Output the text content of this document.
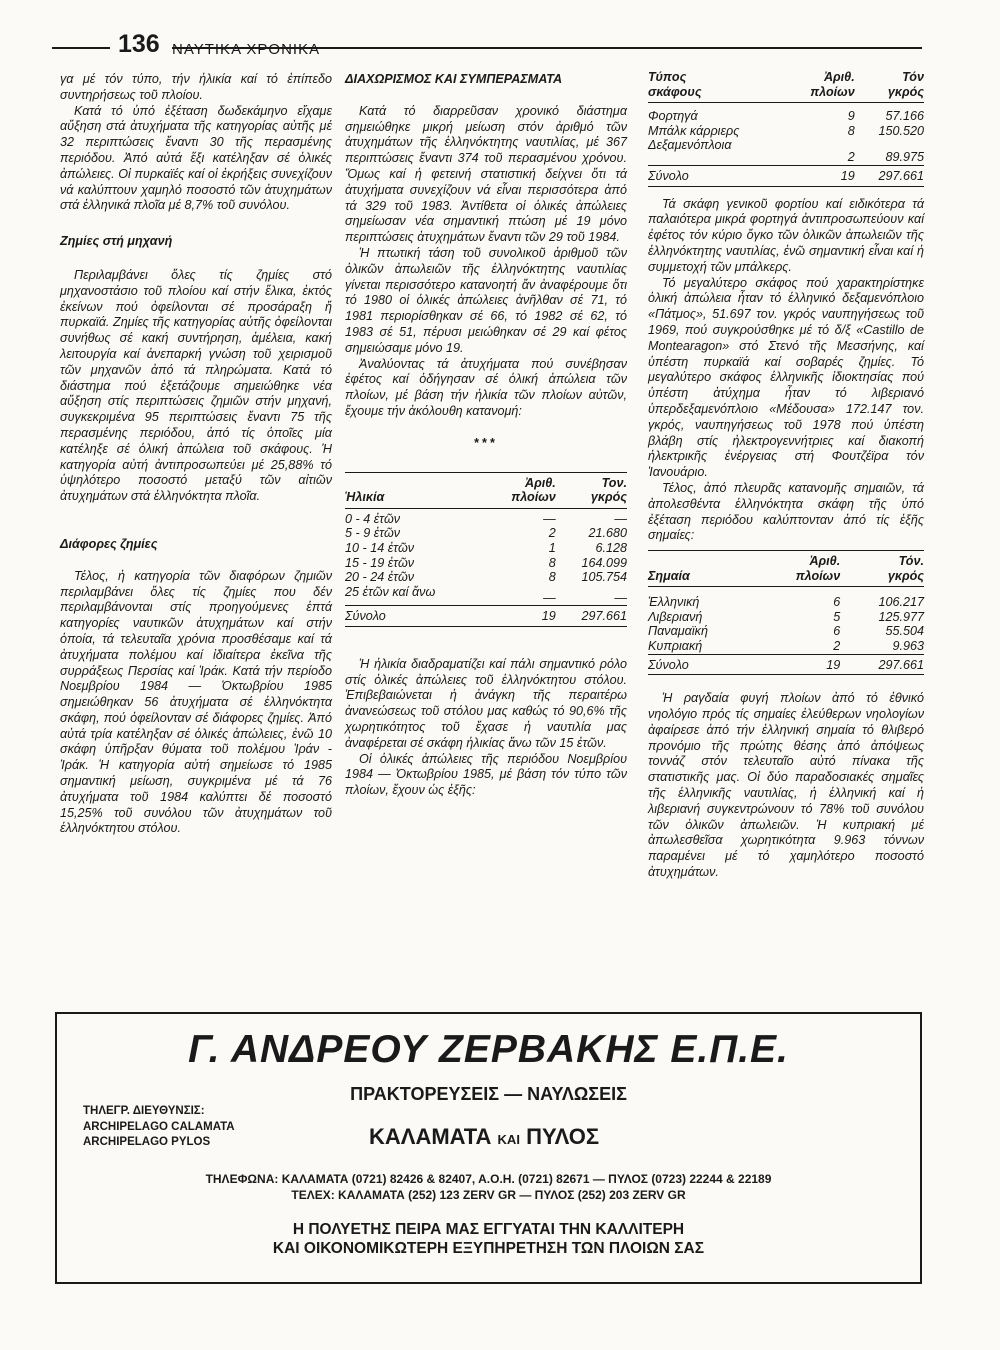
136 ΝΑΥΤΙΚΑ ΧΡΟΝΙΚΑ

γα μέ τόν τύπο, τήν ἡλικία καί τό ἐπίπεδο συντηρήσεως τοῦ πλοίου.

Κατά τό ὑπό ἐξέταση δωδεκάμηνο εἴχαμε αὔξηση στά ἀτυχήματα τῆς κατηγορίας αὐτῆς μέ 32 περιπτώσεις ἔναντι 30 τῆς περασμένης περιόδου. Ἀπό αὐτά ἕξι κατέληξαν σέ ὁλικές ἀπώλειες. Οἱ πυρκαϊές καί οἱ ἐκρήξεις συνεχίζουν νά καλύπτουν χαμηλό ποσοστό τῶν ἀτυχημάτων στά ἑλληνικά πλοῖα μέ 8,7% τοῦ συνόλου.

Ζημίες στή μηχανή

Περιλαμβάνει ὅλες τίς ζημίες στό μηχανοστάσιο τοῦ πλοίου καί στήν ἕλικα, ἐκτός ἐκείνων πού ὀφείλονται σέ προσάραξη ἤ πυρκαϊά. Ζημίες τῆς κατηγορίας αὐτῆς ὀφείλονται συνήθως σέ κακή συντήρηση, ἀμέλεια, κακή λειτουργία καί ἀνεπαρκή γνώση τοῦ χειρισμοῦ τῶν μηχανῶν ἀπό τά πληρώματα. Κατά τό διάστημα πού ἐξετάζουμε σημειώθηκε νέα αὔξηση στίς περιπτώσεις ζημιῶν στήν μηχανή, συγκεκριμένα 95 περιπτώσεις ἔναντι 75 τῆς περασμένης περιόδου, ἀπό τίς ὁποῖες μία κατέληξε σέ ὁλική ἀπώλεια τοῦ σκάφους. Ἡ κατηγορία αὐτή ἀντιπροσωπεύει μέ 25,88% τό ὑψηλότερο ποσοστό μεταξύ τῶν αἰτιῶν ἀτυχημάτων στά ἑλληνόκτητα πλοῖα.

Διάφορες ζημίες

Τέλος, ἡ κατηγορία τῶν διαφόρων ζημιῶν περιλαμβάνει ὅλες τίς ζημίες που δέν περιλαμβάνονται στίς προηγούμενες ἑπτά κατηγορίες ναυτικῶν ἀτυχημάτων καί στήν ὁποία, τά τελευταῖα χρόνια προσθέσαμε καί τά ἀτυχήματα πολέμου καί ἰδιαίτερα ἐκεῖνα τῆς συρράξεως Περσίας καί Ἰράκ. Κατά τήν περίοδο Νοεμβρίου 1984 — Ὀκτωβρίου 1985 σημειώθηκαν 56 ἀτυχήματα σέ ἑλληνόκτητα σκάφη, πού ὀφείλονταν σέ διάφορες ζημίες. Ἀπό αὐτά τρία κατέληξαν σέ ὁλικές ἀπώλειες, ἐνῶ 10 σκάφη ὑπῆρξαν θύματα τοῦ πολέμου Ἰράν - Ἰράκ. Ἡ κατηγορία αὐτή σημείωσε τό 1985 σημαντική μείωση, συγκριμένα μέ τά 76 ἀτυχήματα τοῦ 1984 καλύπτει δέ ποσοστό 15,25% τοῦ συνόλου τῶν ἀτυχημάτων τοῦ ἑλληνόκτητου στόλου.

ΔΙΑΧΩΡΙΣΜΟΣ ΚΑΙ ΣΥΜΠΕΡΑΣΜΑΤΑ

Κατά τό διαρρεῦσαν χρονικό διάστημα σημειώθηκε μικρή μείωση στόν ἀριθμό τῶν ἀτυχημάτων τῆς ἑλληνόκτητης ναυτιλίας, μέ 367 περιπτώσεις ἔναντι 374 τοῦ περασμένου χρόνου. Ὅμως καί ἡ φετεινή στατιστική δείχνει ὅτι τά ἀτυχήματα συνεχίζουν νά εἶναι περισσότερα ἀπό τά 329 τοῦ 1983. Ἀντίθετα οἱ ὁλικές ἀπώλειες σημείωσαν νέα σημαντική πτώση μέ 19 μόνο περιπτώσεις ἀτυχημάτων ἔναντι τῶν 29 τοῦ 1984.

Ἡ πτωτική τάση τοῦ συνολικοῦ ἀριθμοῦ τῶν ὁλικῶν ἀπωλειῶν τῆς ἑλληνόκτητης ναυτιλίας γίνεται περισσότερο κατανοητή ἄν ἀναφέρουμε ὅτι τό 1980 οἱ ὁλικές ἀπώλειες ἀνῆλθαν σέ 71, τό 1981 περιορίσθηκαν σέ 66, τό 1982 σέ 62, τό 1983 σέ 51, πέρυσι μειώθηκαν σέ 29 καί φέτος σημειώσαμε μόνο 19.

Ἀναλύοντας τά ἀτυχήματα πού συνέβησαν ἐφέτος καί ὁδήγησαν σέ ὁλική ἀπώλεια τῶν πλοίων, μέ βάση τήν ἡλικία τῶν πλοίων αὐτῶν, ἔχουμε τήν ἀκόλουθη κατανομή:

***

	Ἀριθ.	Τον.
Ἡλικία	πλοίων	γκρός
0 - 4 ἐτῶν	—	—
5 - 9 ἐτῶν	2	21.680
10 - 14 ἐτῶν	1	6.128
15 - 19 ἐτῶν	8	164.099
20 - 24 ἐτῶν	8	105.754
25 ἐτῶν καί ἄνω	—	—
Σύνολο	19	297.661

Ἡ ἡλικία διαδραματίζει καί πάλι σημαντικό ρόλο στίς ὁλικές ἀπώλειες τοῦ ἑλληνόκτητου στόλου. Ἐπιβεβαιώνεται ἡ ἀνάγκη τῆς περαιτέρω ἀνανεώσεως τοῦ στόλου μας καθώς τό 90,6% τῆς χωρητικότητος τοῦ ἔχασε ἡ ναυτιλία μας ἀναφέρεται σέ σκάφη ἡλικίας ἄνω τῶν 15 ἐτῶν.

Οἱ ὁλικές ἀπώλειες τῆς περιόδου Νοεμβρίου 1984 — Ὀκτωβρίου 1985, μέ βάση τόν τύπο τῶν πλοίων, ἔχουν ὡς ἑξῆς:

Τύπος	Ἀριθ.	Τόν
σκάφους	πλοίων	γκρός
Φορτηγά	9	57.166
Μπάλκ κάρριερς	8	150.520
Δεξαμενόπλοια	2	89.975
Σύνολο	19	297.661

Τά σκάφη γενικοῦ φορτίου καί ειδικότερα τά παλαιότερα μικρά φορτηγά ἀντιπροσωπεύουν καί ἐφέτος τόν κύριο ὄγκο τῶν ὁλικῶν ἀπωλειῶν τῆς ἑλληνόκτητης ναυτιλίας, ἐνῶ σημαντική εἶναι καί ἡ συμμετοχή τῶν μπάλκερς.

Τό μεγαλύτερο σκάφος πού χαρακτηρίστηκε ὁλική ἀπώλεια ἦταν τό ἑλληνικό δεξαμενόπλοιο «Πάτμος», 51.697 τον. γκρός ναυπηγήσεως τοῦ 1969, πού συγκρούσθηκε μέ τό δ/ξ «Castillo de Montearagon» στό Στενό τῆς Μεσσήνης, καί ὑπέστη πυρκαϊά καί σοβαρές ζημίες. Τό μεγαλύτερο σκάφος ἑλληνικῆς ἰδιοκτησίας πού ὑπέστη ἀτύχημα ἦταν τό λιβεριανό ὑπερδεξαμενόπλοιο «Μέδουσα» 172.147 τον. γκρός, ναυπηγήσεως τοῦ 1978 πού ὑπέστη βλάβη στίς ἠλεκτρογεννήτριες καί διακοπή ἠλεκτρικῆς ἐνέργειας στή Φουτζέϊρα τόν Ἰανουάριο.

Τέλος, ἀπό πλευρᾶς κατανομῆς σημαιῶν, τά ἀπολεσθέντα ἑλληνόκτητα σκάφη τῆς ὑπό ἐξέταση περιόδου καλύπτονταν ἀπό τίς ἑξῆς σημαίες:

	Ἀριθ.	Τόν.
Σημαία	πλοίων	γκρός
Ἑλληνική	6	106.217
Λιβεριανή	5	125.977
Παναμαϊκή	6	55.504
Κυπριακή	2	9.963
Σύνολο	19	297.661

Ἡ ραγδαία φυγή πλοίων ἀπό τό ἐθνικό νηολόγιο πρός τίς σημαίες ἐλεύθερων νηολογίων ἀφαίρεσε ἀπό τήν ἑλληνική σημαία τό θλιβερό προνόμιο τῆς πρώτης θέσης ἀπό ἀπόψεως τοννάζ στόν τελευταῖο αὐτό πίνακα τῆς στατιστικῆς μας. Οἱ δύο παραδοσιακές σημαῖες τῆς ἑλληνικῆς ναυτιλίας, ἡ ἑλληνική καί ἡ λιβεριανή συγκεντρώνουν τό 78% τοῦ συνόλου τῶν ὁλικῶν ἀπωλειῶν. Ἡ κυπριακή μέ ἀπωλεσθεῖσα χωρητικότητα 9.963 τόννων παραμένει μέ τό χαμηλότερο ποσοστό ἀτυχημάτων.

Γ. ΑΝΔΡΕΟΥ ΖΕΡΒΑΚΗΣ Ε.Π.Ε.
ΠΡΑΚΤΟΡΕΥΣΕΙΣ — ΝΑΥΛΩΣΕΙΣ
ΤΗΛΕΓΡ. ΔΙΕΥΘΥΝΣΙΣ:
ARCHIPELAGO CALAMATA
ARCHIPELAGO PYLOS	ΚΑΛΑΜΑΤΑ ΚΑΙ ΠΥΛΟΣ
ΤΗΛΕΦΩΝΑ: ΚΑΛΑΜΑΤΑ (0721) 82426 & 82407, Α.Ο.Η. (0721) 82671 — ΠΥΛΟΣ (0723) 22244 & 22189
ΤΕΛΕΧ: ΚΑΛΑΜΑΤΑ (252) 123 ZERV GR — ΠΥΛΟΣ (252) 203 ZERV GR
Η ΠΟΛΥΕΤΗΣ ΠΕΙΡΑ ΜΑΣ ΕΓΓΥΑΤΑΙ ΤΗΝ ΚΑΛΛΙΤΕΡΗ
ΚΑΙ ΟΙΚΟΝΟΜΙΚΩΤΕΡΗ ΕΞΥΠΗΡΕΤΗΣΗ ΤΩΝ ΠΛΟΙΩΝ ΣΑΣ
